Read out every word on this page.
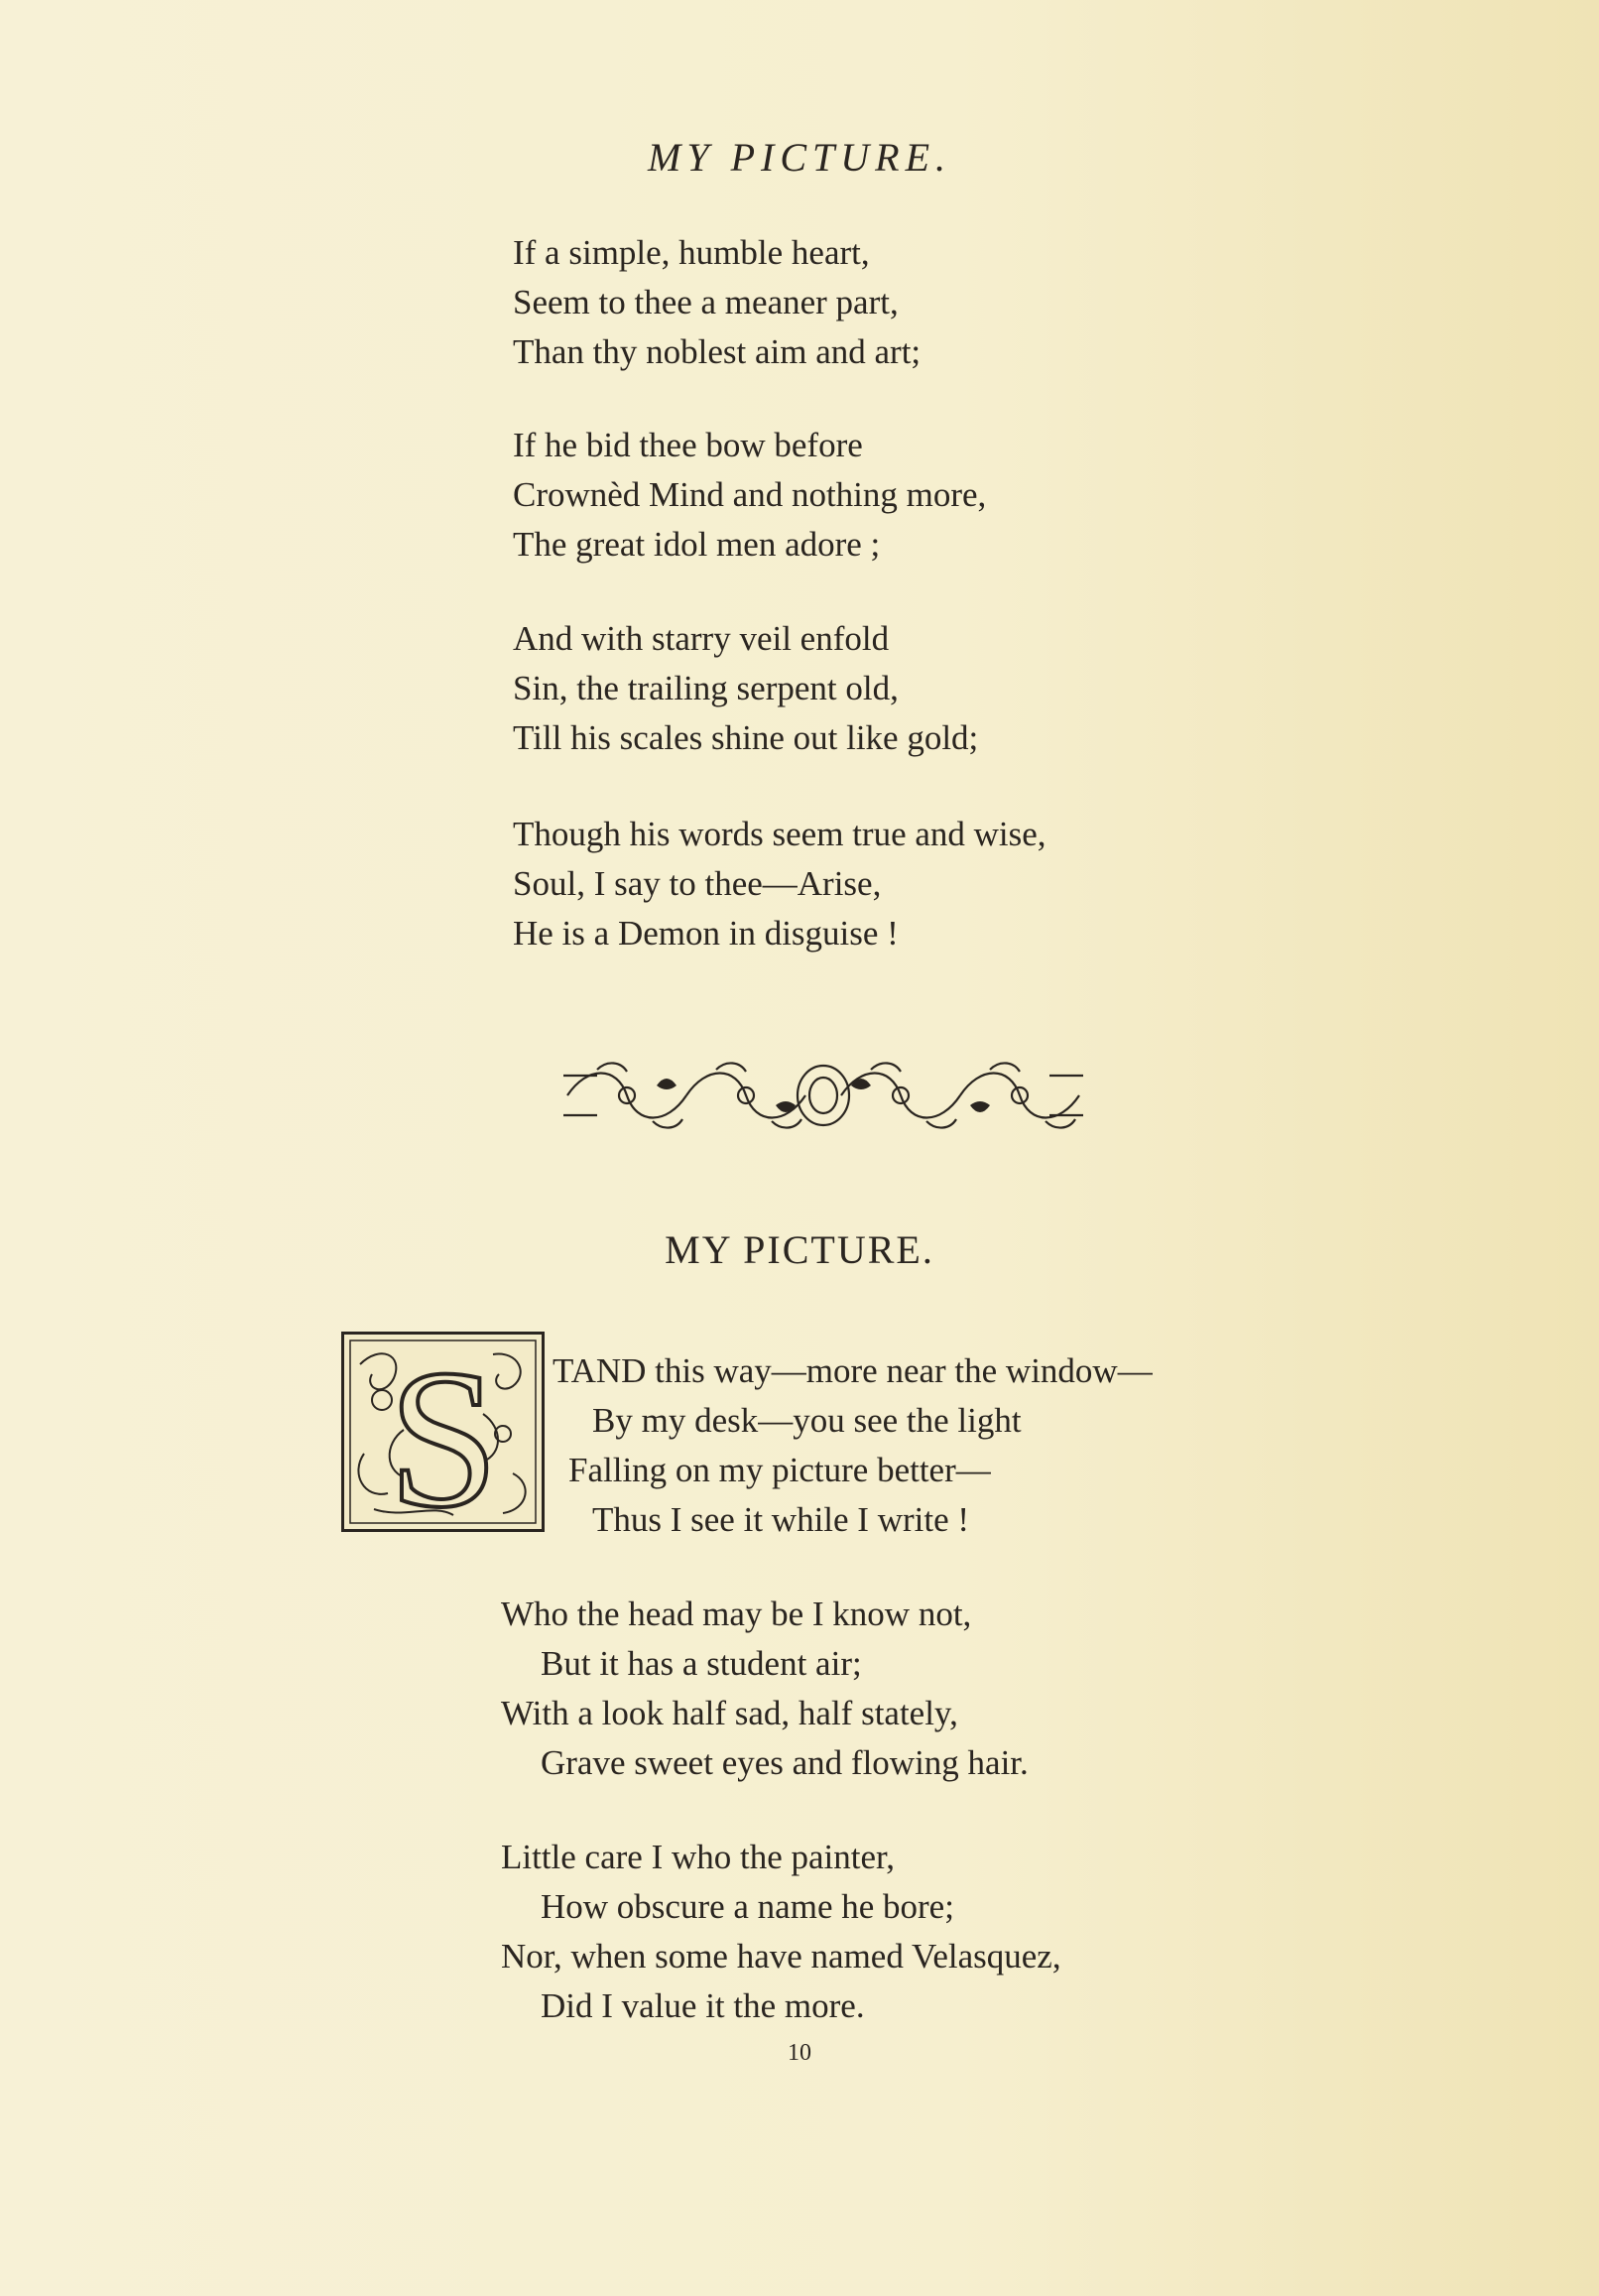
MY PICTURE.
If a simple, humble heart,
Seem to thee a meaner part,
Than thy noblest aim and art;
If he bid thee bow before
Crownèd Mind and nothing more,
The great idol men adore ;
And with starry veil enfold
Sin, the trailing serpent old,
Till his scales shine out like gold;
Though his words seem true and wise,
Soul, I say to thee—Arise,
He is a Demon in disguise !
MY PICTURE.
S TAND this way—more near the window—
By my desk—you see the light
Falling on my picture better—
Thus I see it while I write !
Who the head may be I know not,
But it has a student air;
With a look half sad, half stately,
Grave sweet eyes and flowing hair.
Little care I who the painter,
How obscure a name he bore;
Nor, when some have named Velasquez,
Did I value it the more.
10
